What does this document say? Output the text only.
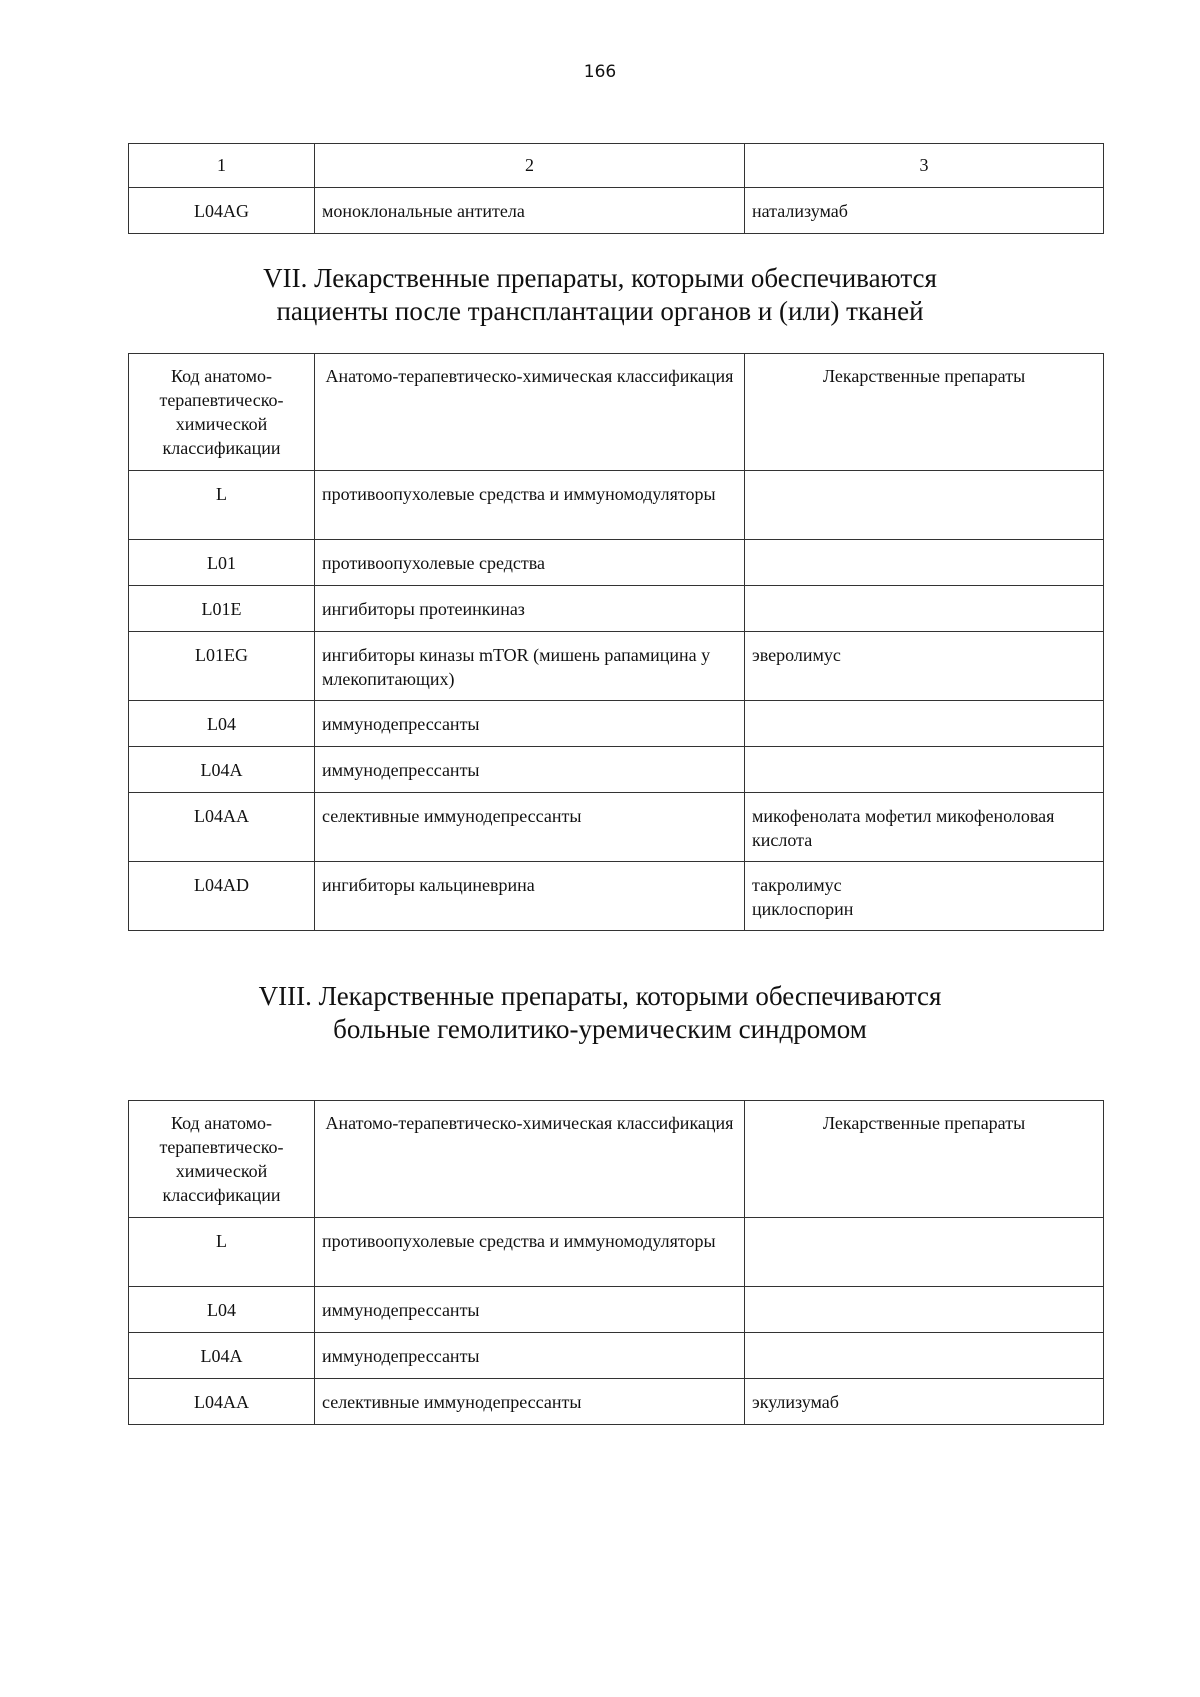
166
1	2	3
L04AG	моноклональные антитела	натализумаб
VII. Лекарственные препараты, которыми обеспечиваются
пациенты после трансплантации органов и (или) тканей
Код анатомо-терапевтическо-химической классификации	Анатомо-терапевтическо-химическая классификация	Лекарственные препараты
L	противоопухолевые средства и иммуномодуляторы	
L01	противоопухолевые средства	
L01E	ингибиторы протеинкиназ	
L01EG	ингибиторы киназы mTOR (мишень рапамицина у млекопитающих)	эверолимус
L04	иммунодепрессанты	
L04A	иммунодепрессанты	
L04AA	селективные иммунодепрессанты	микофенолата мофетил микофеноловая кислота
L04AD	ингибиторы кальциневрина	такролимус
циклоспорин
VIII. Лекарственные препараты, которыми обеспечиваются
больные гемолитико-уремическим синдромом
Код анатомо-терапевтическо-химической классификации	Анатомо-терапевтическо-химическая классификация	Лекарственные препараты
L	противоопухолевые средства и иммуномодуляторы	
L04	иммунодепрессанты	
L04A	иммунодепрессанты	
L04AA	селективные иммунодепрессанты	экулизумаб
